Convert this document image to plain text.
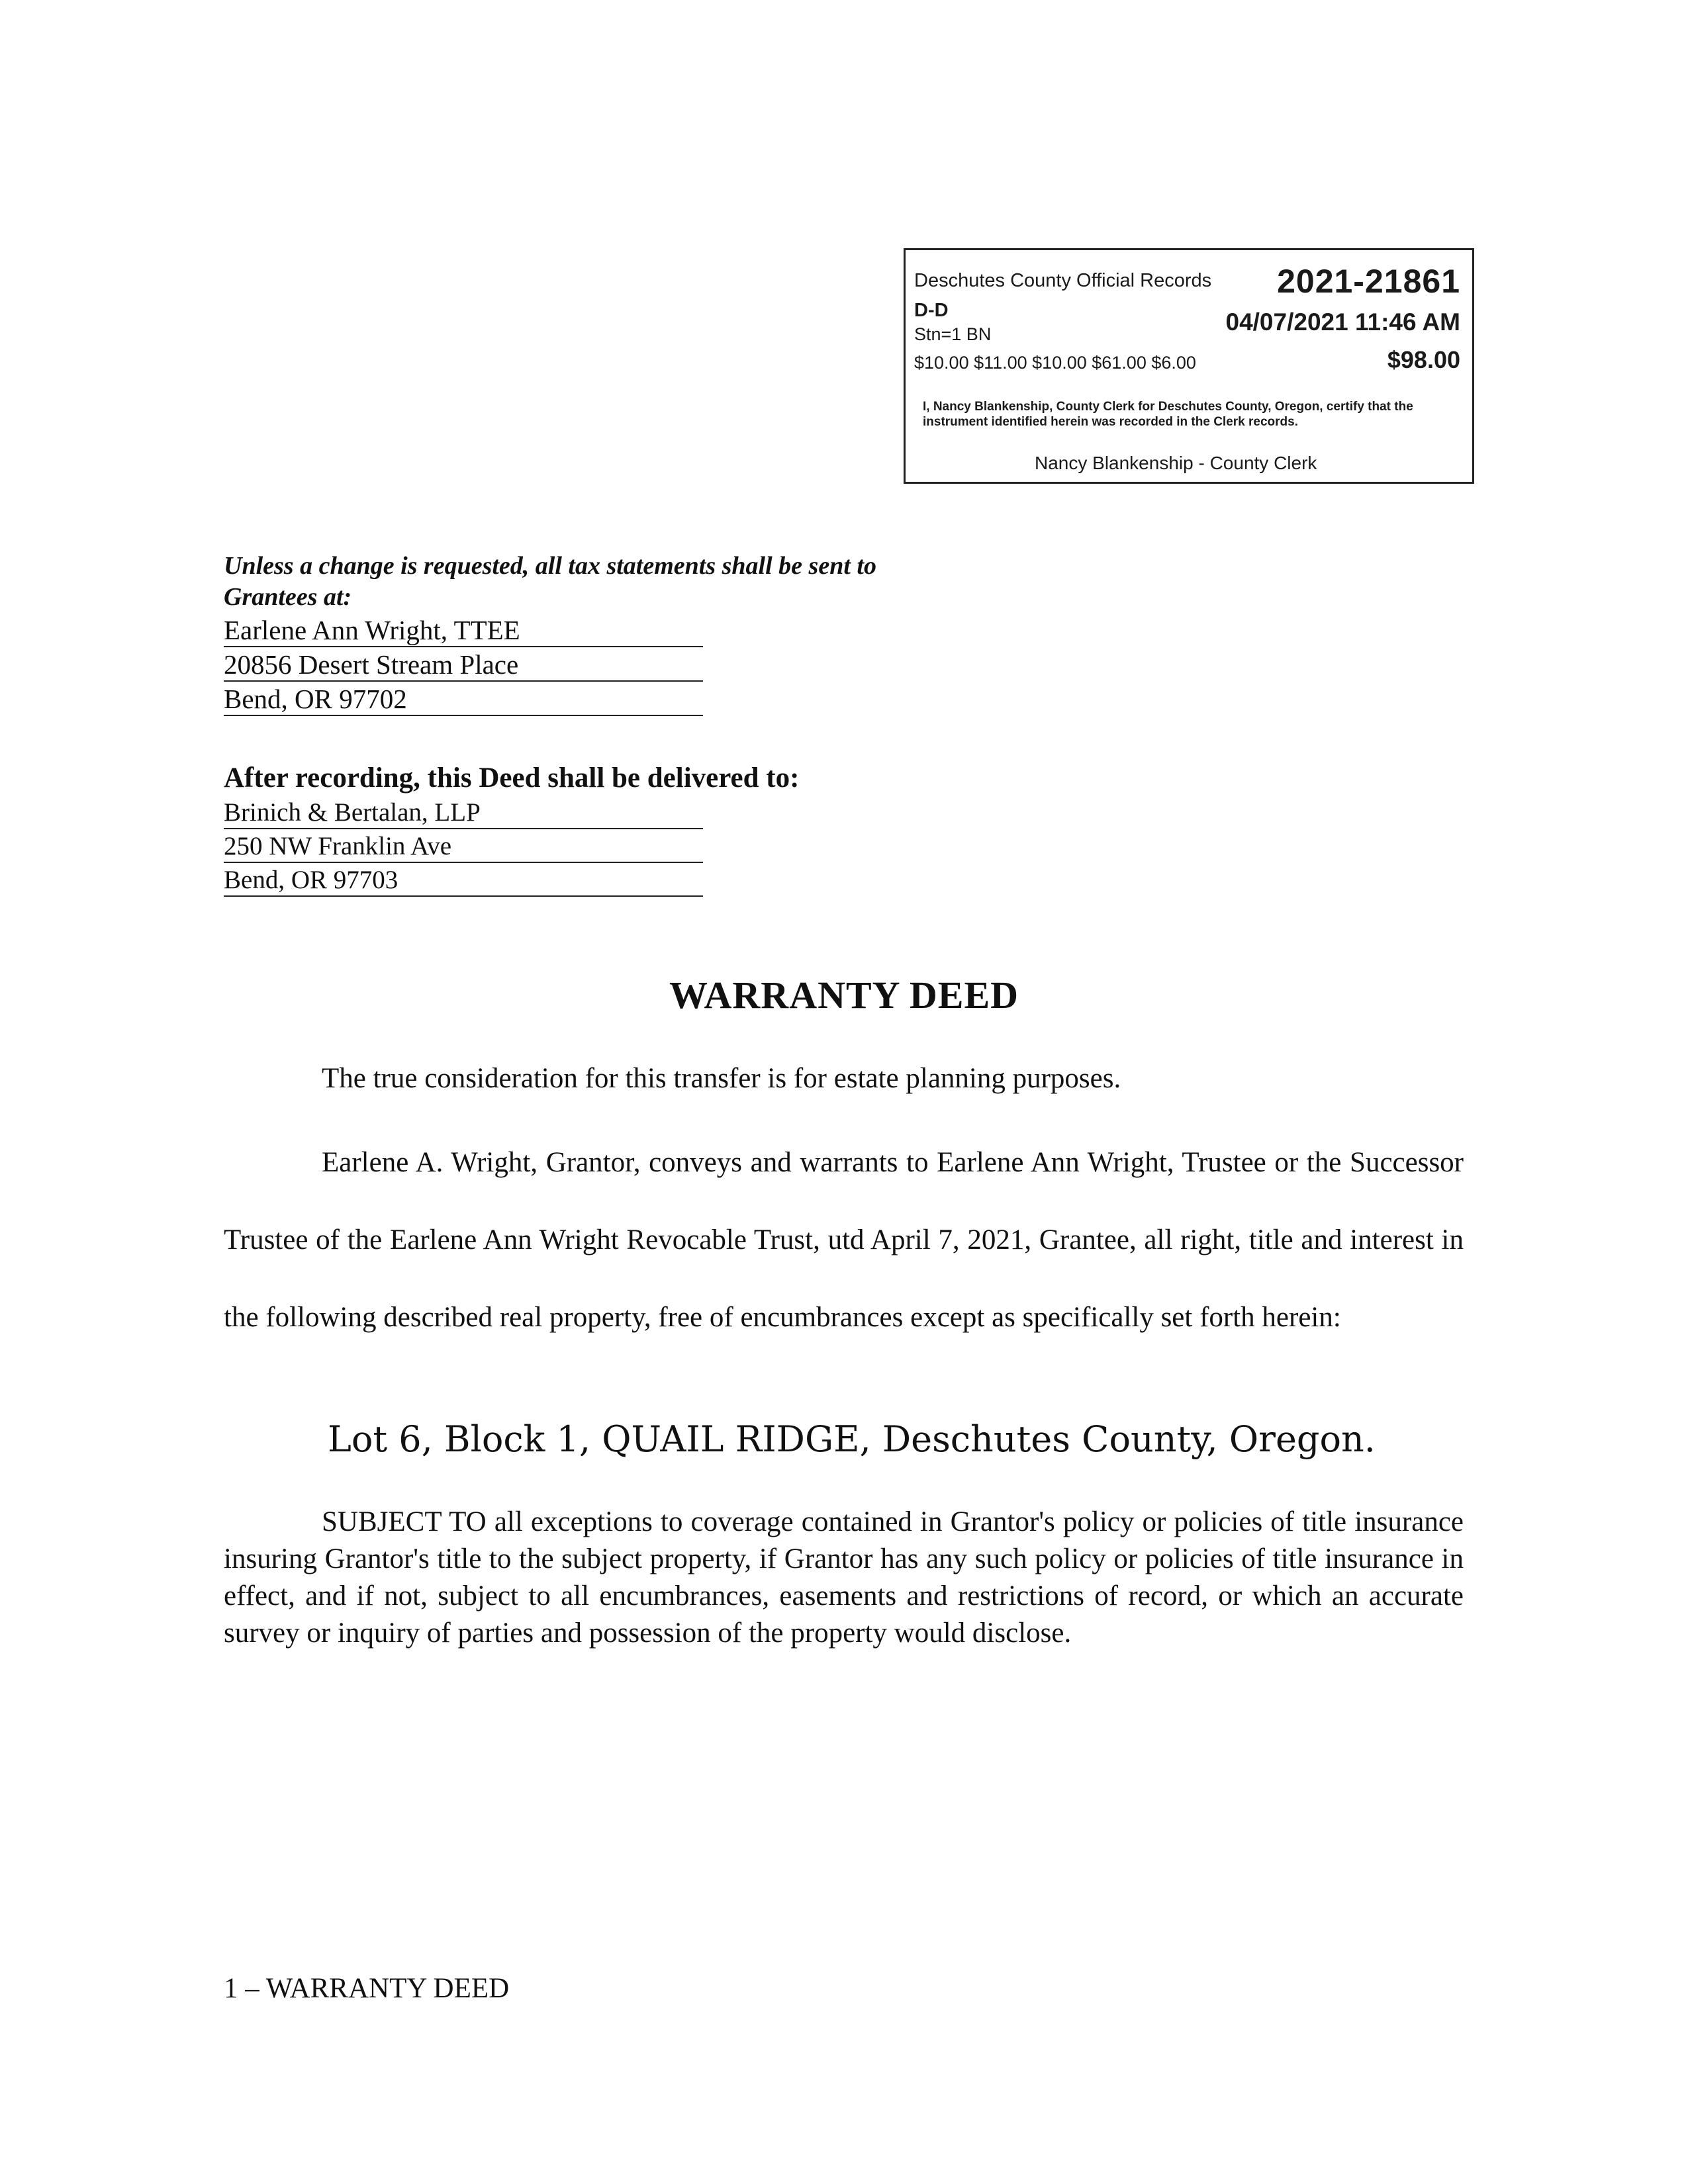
Deschutes County Official Records 2021-21861
D-D
Stn=1 BN	04/07/2021 11:46 AM
$10.00 $11.00 $10.00 $61.00 $6.00	$98.00
I, Nancy Blankenship, County Clerk for Deschutes County, Oregon, certify that the instrument identified herein was recorded in the Clerk records.
Nancy Blankenship - County Clerk
Unless a change is requested, all tax statements shall be sent to Grantees at:
Earlene Ann Wright, TTEE
20856 Desert Stream Place
Bend, OR 97702
After recording, this Deed shall be delivered to:
Brinich & Bertalan, LLP
250 NW Franklin Ave
Bend, OR 97703
WARRANTY DEED
The true consideration for this transfer is for estate planning purposes.
Earlene A. Wright, Grantor, conveys and warrants to Earlene Ann Wright, Trustee or the Successor Trustee of the Earlene Ann Wright Revocable Trust, utd April 7, 2021, Grantee, all right, title and interest in the following described real property, free of encumbrances except as specifically set forth herein:
Lot 6, Block 1, QUAIL RIDGE, Deschutes County, Oregon.
SUBJECT TO all exceptions to coverage contained in Grantor's policy or policies of title insurance insuring Grantor's title to the subject property, if Grantor has any such policy or policies of title insurance in effect, and if not, subject to all encumbrances, easements and restrictions of record, or which an accurate survey or inquiry of parties and possession of the property would disclose.
1 – WARRANTY DEED
